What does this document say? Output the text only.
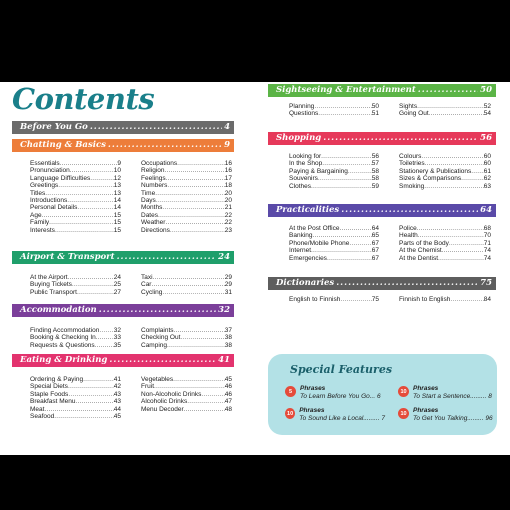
Contents
Before You Go .....	4
Chatting & Basics .....	9
Essentials .....	9
Pronunciation .....	10
Language Difficulties .....	12
Greetings .....	13
Titles .....	13
Introductions .....	14
Personal Details .....	14
Age .....	15
Family .....	15
Interests .....	15
Occupations .....	16
Religion .....	16
Feelings .....	17
Numbers .....	18
Time .....	20
Days .....	20
Months .....	21
Dates .....	22
Weather .....	22
Directions .....	23
Airport & Transport .....	24
At the Airport .....	24
Buying Tickets .....	25
Public Transport .....	27
Taxi .....	29
Car .....	29
Cycling .....	31
Accommodation .....	32
Finding Accommodation ..... 32
Booking & Checking In .....	33
Requests & Questions .....	35
Complaints .....	37
Checking Out .....	38
Camping .....	38
Eating & Drinking .....	41
Ordering & Paying .....	41
Special Diets .....	42
Staple Foods .....	43
Breakfast Menu .....	43
Meat .....	44
Seafood .....	45
Vegetables .....	45
Fruit .....	46
Non-Alcoholic Drinks .....	46
Alcoholic Drinks .....	47
Menu Decoder .....	48
Sightseeing & Entertainment .....	50
Planning .....	50
Questions .....	51
Sights .....	52
Going Out .....	54
Shopping .....	56
Looking for .....	56
In the Shop .....	57
Paying & Bargaining .....	58
Souvenirs .....	58
Clothes .....	59
Colours .....	60
Toiletries .....	60
Stationery & Publications ..... 61
Sizes & Comparisons .....	62
Smoking .....	63
Practicalities .....	64
At the Post Office .....	64
Banking .....	65
Phone/Mobile Phone .....	67
Internet .....	67
Emergencies .....	67
Police .....	68
Health .....	70
Parts of the Body .....	71
At the Chemist .....	74
At the Dentist .....	74
Dictionaries .....	75
English to Finnish .....	75	Finnish to English .....	84
Special Features
5	Phrases
To Learn Before You Go ... 6
10 Phrases
To Sound Like a Local ......... 7
10 Phrases
To Start a Sentence ......... 8
10 Phrases
To Get You Talking ......... 96
